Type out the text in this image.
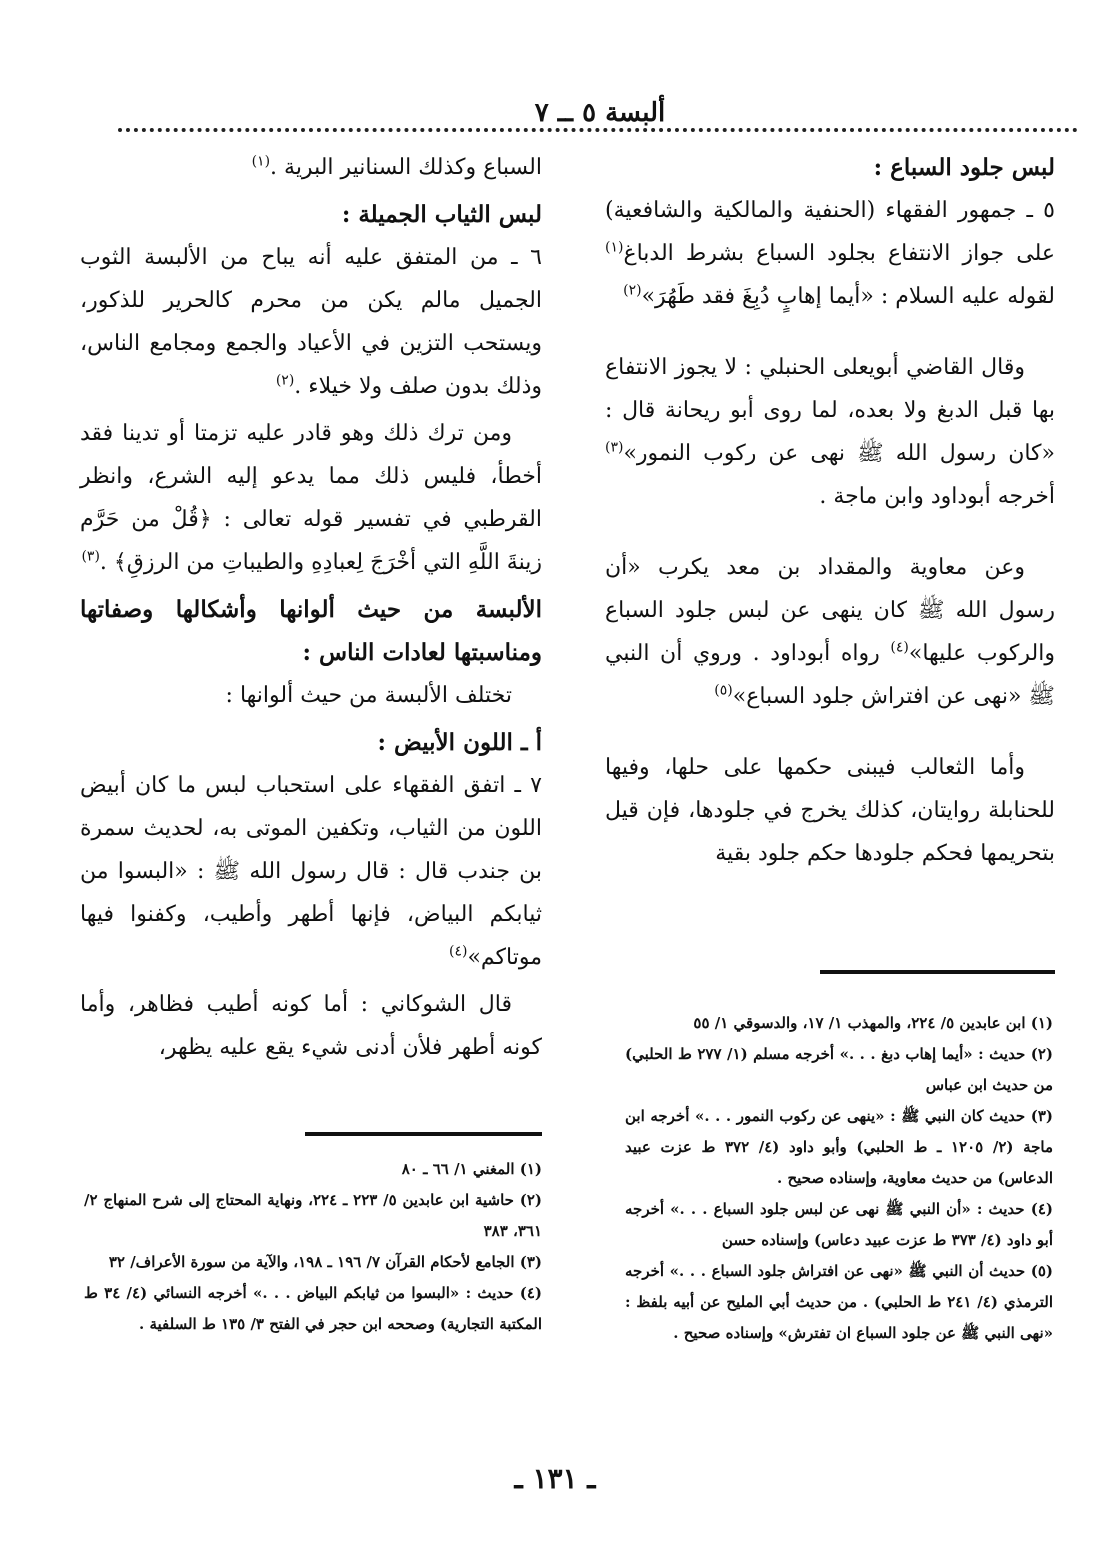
ألبسة ٥ ــ ٧
لبس جلود السباع :
٥ ـ جمهور الفقهاء (الحنفية والمالكية والشافعية) على جواز الانتفاع بجلود السباع بشرط الدباغ$^{(١)}$ لقوله عليه السلام : «أيما إهابٍ دُبِغَ فقد طَهُرَ»$^{(٢)}$
وقال القاضي أبويعلى الحنبلي : لا يجوز الانتفاع بها قبل الدبغ ولا بعده، لما روى أبو ريحانة قال : «كان رسول الله ﷺ نهى عن ركوب النمور»$^{(٣)}$ أخرجه أبوداود وابن ماجة .
وعن معاوية والمقداد بن معد يكرب «أن رسول الله ﷺ كان ينهى عن لبس جلود السباع والركوب عليها»$^{(٤)}$ رواه أبوداود . وروي أن النبي ﷺ «نهى عن افتراش جلود السباع»$^{(٥)}$
وأما الثعالب فيبنى حكمها على حلها، وفيها للحنابلة روايتان، كذلك يخرج في جلودها، فإن قيل بتحريمها فحكم جلودها حكم جلود بقية
السباع وكذلك السنانير البرية .$^{(١)}$
لبس الثياب الجميلة :
٦ ـ من المتفق عليه أنه يباح من الألبسة الثوب الجميل مالم يكن من محرم كالحرير للذكور، ويستحب التزين في الأعياد والجمع ومجامع الناس، وذلك بدون صلف ولا خيلاء .$^{(٢)}$
ومن ترك ذلك وهو قادر عليه تزمتا أو تدينا فقد أخطأ، فليس ذلك مما يدعو إليه الشرع، وانظر القرطبي في تفسير قوله تعالى : ﴿قُلْ من حَرَّم زينةَ اللَّهِ التي أخْرَجَ لِعبادِهِ والطيباتِ من الرزقِ﴾ .$^{(٣)}$
الألبسة من حيث ألوانها وأشكالها وصفاتها ومناسبتها لعادات الناس :
تختلف الألبسة من حيث ألوانها :
أ ـ اللون الأبيض :
٧ ـ اتفق الفقهاء على استحباب لبس ما كان أبيض اللون من الثياب، وتكفين الموتى به، لحديث سمرة بن جندب قال : قال رسول الله ﷺ : «البسوا من ثيابكم البياض، فإنها أطهر وأطيب، وكفنوا فيها موتاكم»$^{(٤)}$
قال الشوكاني : أما كونه أطيب فظاهر، وأما كونه أطهر فلأن أدنى شيء يقع عليه يظهر،
(١) ابن عابدين ٥/ ٢٢٤، والمهذب ١/ ١٧، والدسوقي ١/ ٥٥
(٢) حديث : «أيما إهاب دبغ . . .» أخرجه مسلم (١/ ٢٧٧ ط الحلبي) من حديث ابن عباس
(٣) حديث كان النبي ﷺ : «ينهى عن ركوب النمور . . .» أخرجه ابن ماجة (٢/ ١٢٠٥ ـ ط الحلبي) وأبو داود (٤/ ٣٧٢ ط عزت عبيد الدعاس) من حديث معاوية، وإسناده صحيح .
(٤) حديث : «أن النبي ﷺ نهى عن لبس جلود السباع . . .» أخرجه أبو داود (٤/ ٣٧٣ ط عزت عبيد دعاس) وإسناده حسن
(٥) حديث أن النبي ﷺ «نهى عن افتراش جلود السباع . . .» أخرجه الترمذي (٤/ ٢٤١ ط الحلبي) . من حديث أبي المليح عن أبيه بلفظ : «نهى النبي ﷺ عن جلود السباع ان تفترش» وإسناده صحيح .
(١) المغني ١/ ٦٦ ـ ٨٠
(٢) حاشية ابن عابدين ٥/ ٢٢٣ ـ ٢٢٤، ونهاية المحتاج إلى شرح المنهاج ٢/ ٣٦١، ٣٨٣
(٣) الجامع لأحكام القرآن ٧/ ١٩٦ ـ ١٩٨، والآية من سورة الأعراف/ ٣٢
(٤) حديث : «البسوا من ثيابكم البياض . . .» أخرجه النسائي (٤/ ٣٤ ط المكتبة التجارية) وصححه ابن حجر في الفتح ٣/ ١٣٥ ط السلفية .
ـ ١٣١ ـ
